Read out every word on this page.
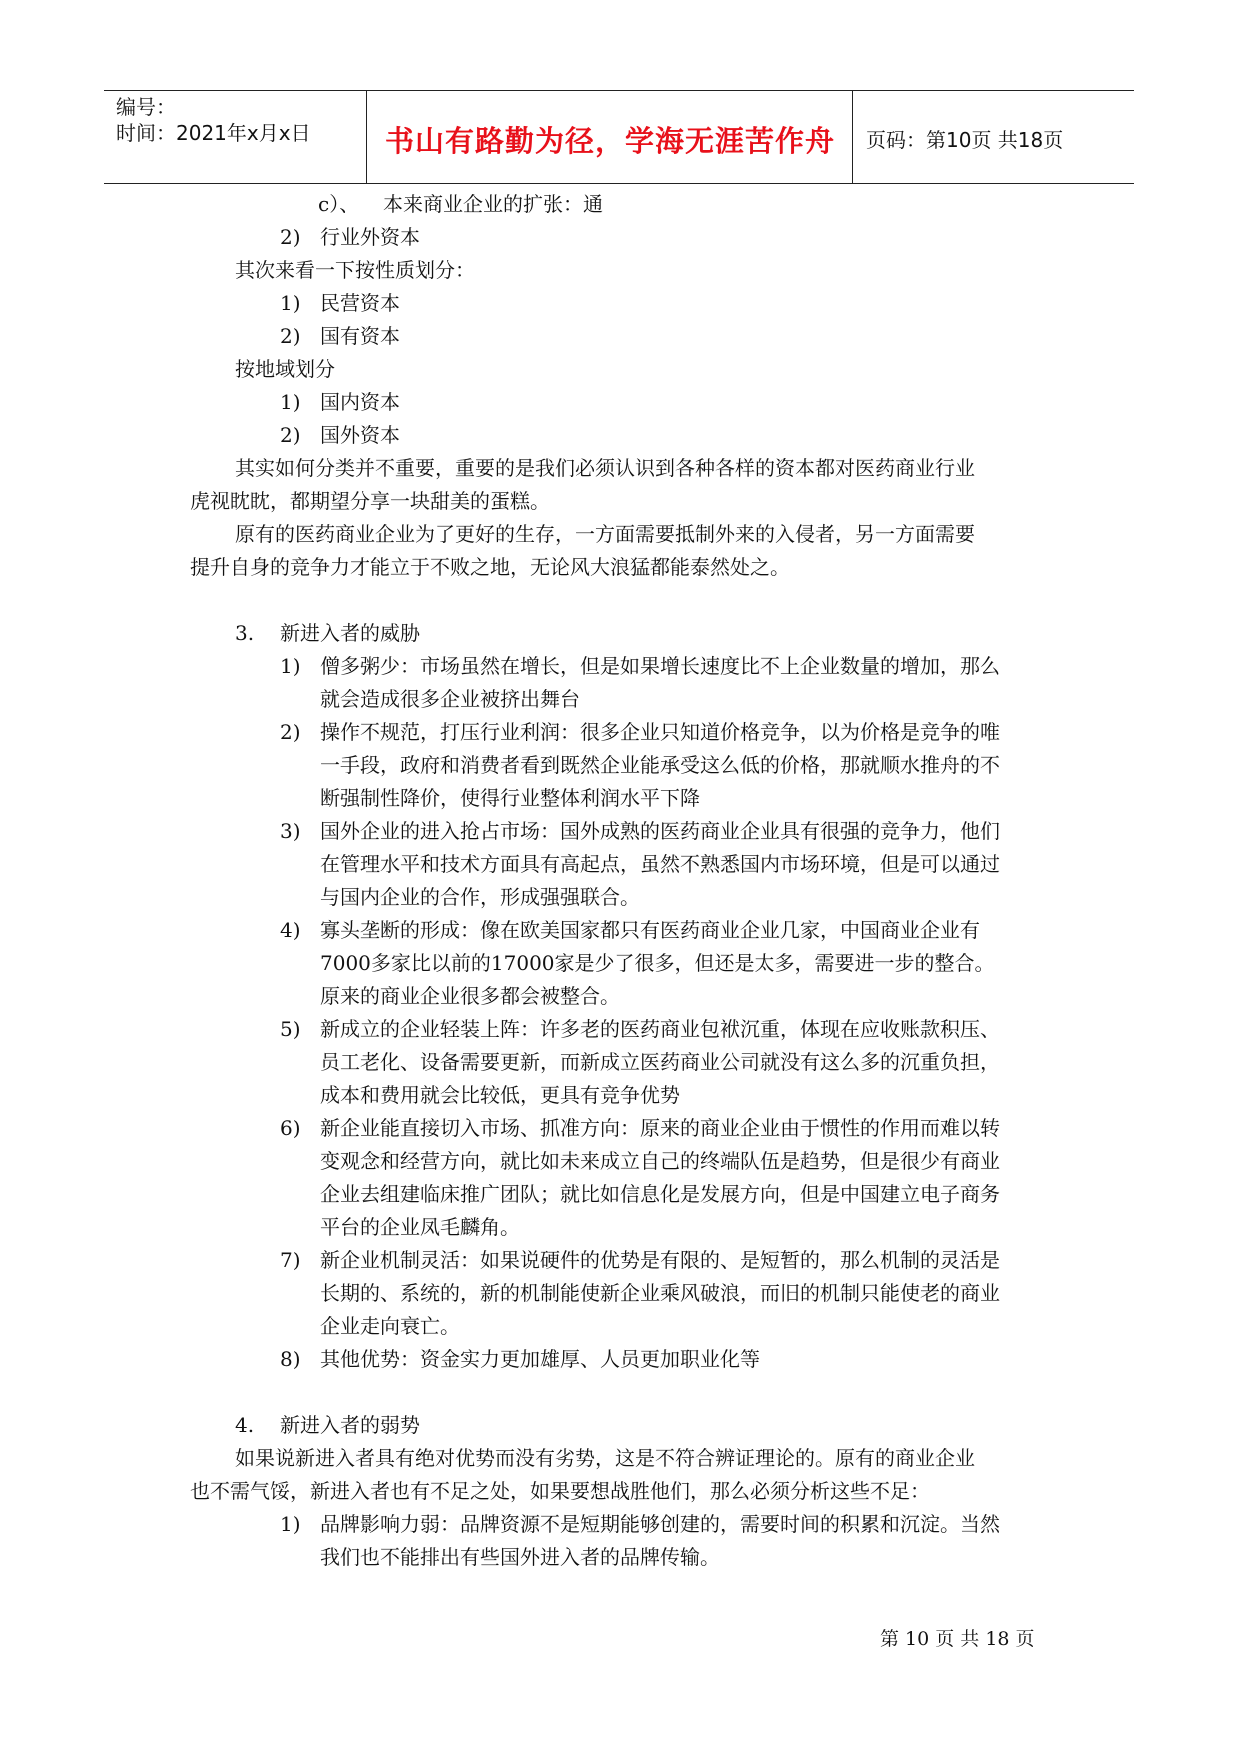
编号：
时间：2021年x月x日	书山有路勤为径，学海无涯苦作舟	页码：第10页 共18页
c）、 本来商业企业的扩张：通
2) 行业外资本
其次来看一下按性质划分：
1) 民营资本
2) 国有资本
按地域划分
1) 国内资本
2) 国外资本
其实如何分类并不重要，重要的是我们必须认识到各种各样的资本都对医药商业行业
虎视眈眈，都期望分享一块甜美的蛋糕。
原有的医药商业企业为了更好的生存，一方面需要抵制外来的入侵者，另一方面需要
提升自身的竞争力才能立于不败之地，无论风大浪猛都能泰然处之。
3. 新进入者的威胁
1) 僧多粥少：市场虽然在增长，但是如果增长速度比不上企业数量的增加，那么
就会造成很多企业被挤出舞台
2) 操作不规范，打压行业利润：很多企业只知道价格竞争，以为价格是竞争的唯
一手段，政府和消费者看到既然企业能承受这么低的价格，那就顺水推舟的不
断强制性降价，使得行业整体利润水平下降
3) 国外企业的进入抢占市场：国外成熟的医药商业企业具有很强的竞争力，他们
在管理水平和技术方面具有高起点，虽然不熟悉国内市场环境，但是可以通过
与国内企业的合作，形成强强联合。
4) 寡头垄断的形成：像在欧美国家都只有医药商业企业几家，中国商业企业有
7000多家比以前的17000家是少了很多，但还是太多，需要进一步的整合。
原来的商业企业很多都会被整合。
5) 新成立的企业轻装上阵：许多老的医药商业包袱沉重，体现在应收账款积压、
员工老化、设备需要更新，而新成立医药商业公司就没有这么多的沉重负担，
成本和费用就会比较低，更具有竞争优势
6) 新企业能直接切入市场、抓准方向：原来的商业企业由于惯性的作用而难以转
变观念和经营方向，就比如未来成立自己的终端队伍是趋势，但是很少有商业
企业去组建临床推广团队；就比如信息化是发展方向，但是中国建立电子商务
平台的企业凤毛麟角。
7) 新企业机制灵活：如果说硬件的优势是有限的、是短暂的，那么机制的灵活是
长期的、系统的，新的机制能使新企业乘风破浪，而旧的机制只能使老的商业
企业走向衰亡。
8) 其他优势：资金实力更加雄厚、人员更加职业化等
4. 新进入者的弱势
如果说新进入者具有绝对优势而没有劣势，这是不符合辨证理论的。原有的商业企业
也不需气馁，新进入者也有不足之处，如果要想战胜他们，那么必须分析这些不足：
1) 品牌影响力弱：品牌资源不是短期能够创建的，需要时间的积累和沉淀。当然
我们也不能排出有些国外进入者的品牌传输。
第 10 页 共 18 页
